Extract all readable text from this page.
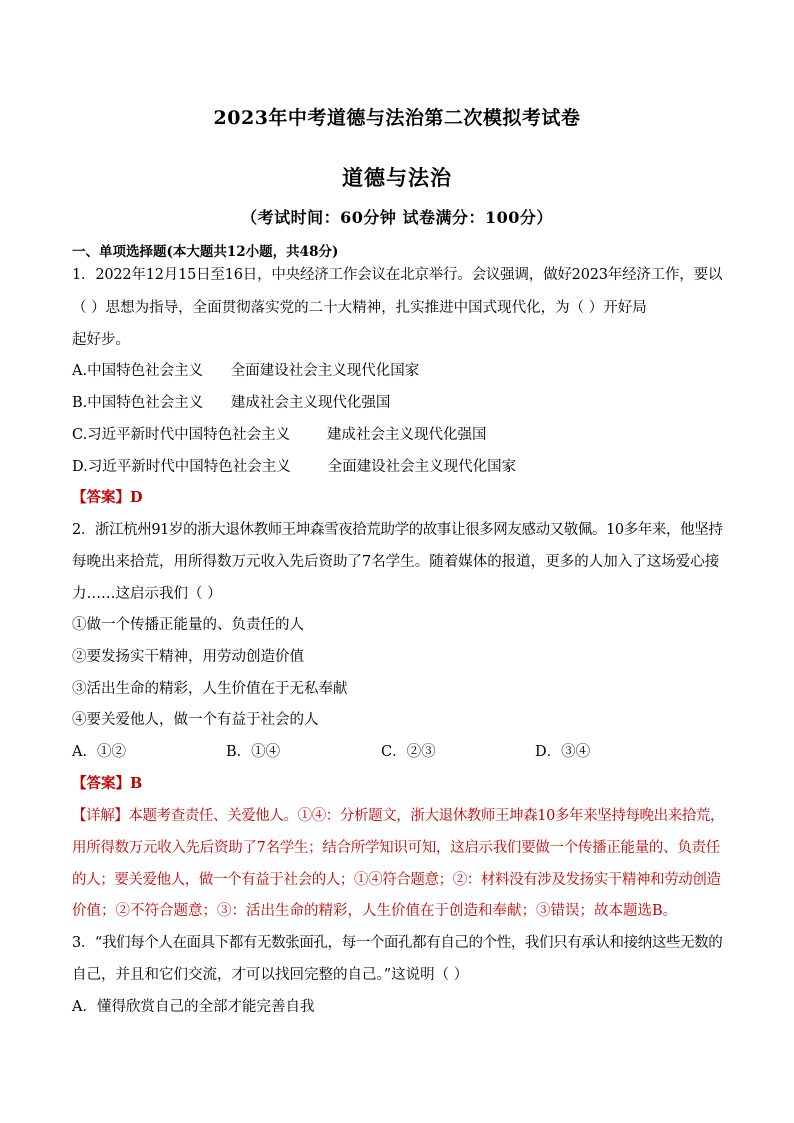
2023年中考道德与法治第二次模拟考试卷
道德与法治
（考试时间：60分钟 试卷满分：100分）
一、单项选择题(本大题共12小题，共48分)
1．2022年12月15日至16日，中央经济工作会议在北京举行。会议强调，做好2023年经济工作，要以
（ ）思想为指导，全面贯彻落实党的二十大精神，扎实推进中国式现代化，为（ ）开好局
起好步。
A.中国特色社会主义      全面建设社会主义现代化国家
B.中国特色社会主义      建成社会主义现代化强国
C.习近平新时代中国特色社会主义        建成社会主义现代化强国
D.习近平新时代中国特色社会主义        全面建设社会主义现代化国家
【答案】D
2．浙江杭州91岁的浙大退休教师王坤森雪夜拾荒助学的故事让很多网友感动又敬佩。10多年来，他坚持
每晚出来拾荒，用所得数万元收入先后资助了7名学生。随着媒体的报道，更多的人加入了这场爱心接
力……这启示我们（ ）
①做一个传播正能量的、负责任的人
②要发扬实干精神，用劳动创造价值
③活出生命的精彩，人生价值在于无私奉献
④要关爱他人，做一个有益于社会的人
A．①②	B．①④	C．②③	D．③④
【答案】B
【详解】本题考查责任、关爱他人。①④：分析题文，浙大退休教师王坤森10多年来坚持每晚出来拾荒，
用所得数万元收入先后资助了7名学生；结合所学知识可知，这启示我们要做一个传播正能量的、负责任
的人；要关爱他人，做一个有益于社会的人；①④符合题意；②：材料没有涉及发扬实干精神和劳动创造
价值；②不符合题意；③：活出生命的精彩，人生价值在于创造和奉献；③错误；故本题选B。
3．“我们每个人在面具下都有无数张面孔，每一个面孔都有自己的个性，我们只有承认和接纳这些无数的
自己，并且和它们交流，才可以找回完整的自己。”这说明（ ）
A．懂得欣赏自己的全部才能完善自我
